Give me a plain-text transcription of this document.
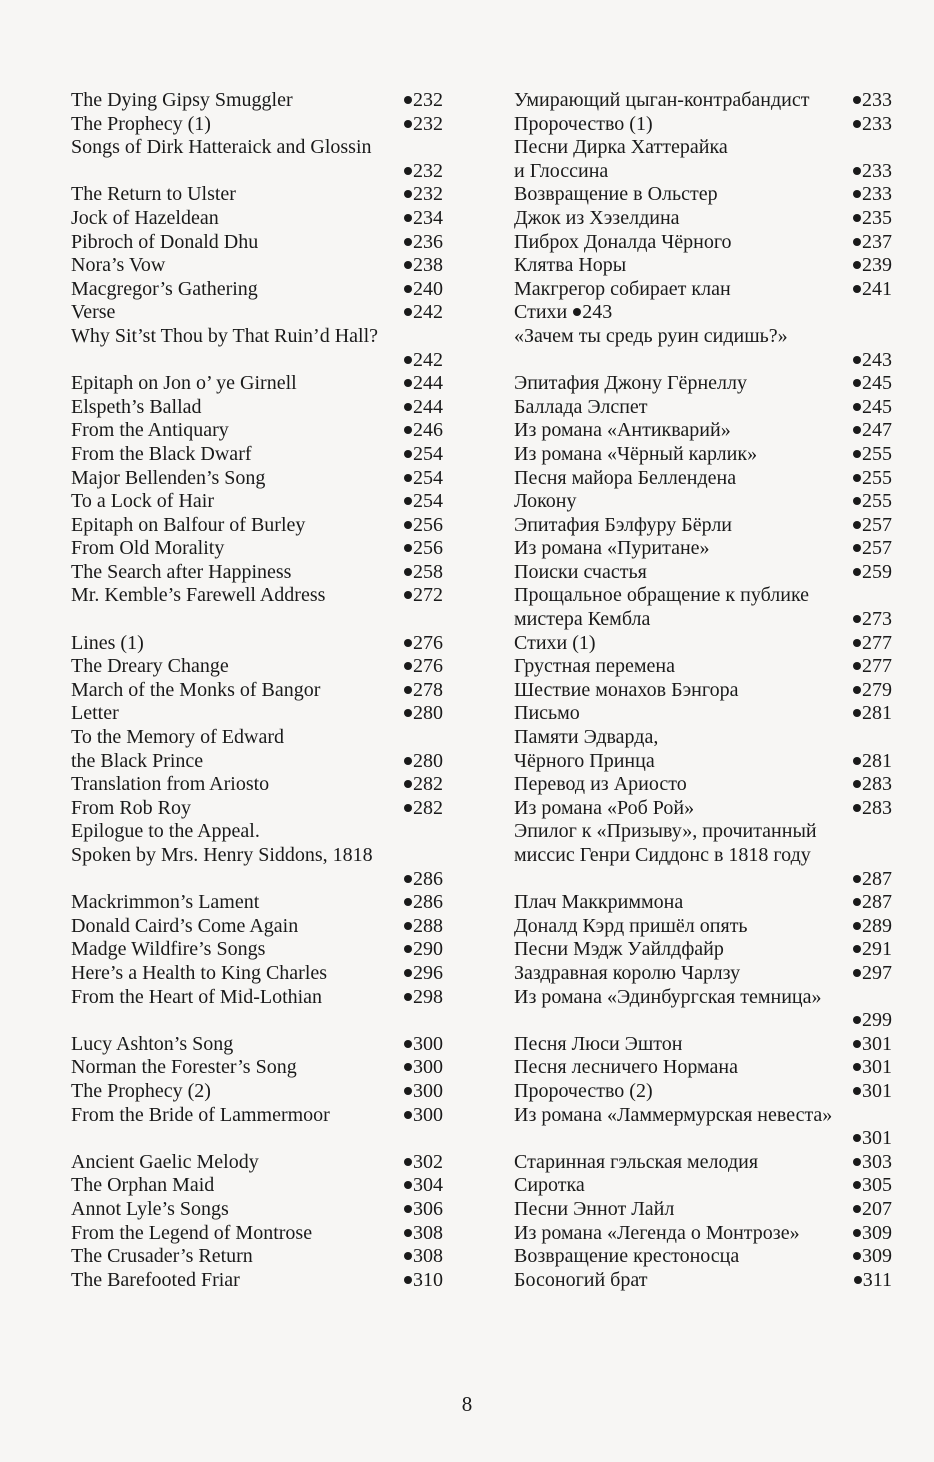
The Dying Gipsy Smuggler	232
The Prophecy (1)	232
Songs of Dirk Hatteraick and Glossin
232
The Return to Ulster	232
Jock of Hazeldean	234
Pibroch of Donald Dhu	236
Nora’s Vow	238
Macgregor’s Gathering	240
Verse	242
Why Sit’st Thou by That Ruin’d Hall?
242
Epitaph on Jon o’ ye Girnell	244
Elspeth’s Ballad	244
From the Antiquary	246
From the Black Dwarf	254
Major Bellenden’s Song	254
To a Lock of Hair	254
Epitaph on Balfour of Burley	256
From Old Morality	256
The Search after Happiness	258
Mr. Kemble’s Farewell Address	272
Lines (1)	276
The Dreary Change	276
March of the Monks of Bangor	278
Letter	280
To the Memory of Edward
the Black Prince	280
Translation from Ariosto	282
From Rob Roy	282
Epilogue to the Appeal.
Spoken by Mrs. Henry Siddons, 1818
286
Mackrimmon’s Lament	286
Donald Caird’s Come Again	288
Madge Wildfire’s Songs	290
Here’s a Health to King Charles	296
From the Heart of Mid-Lothian	298
Lucy Ashton’s Song	300
Norman the Forester’s Song	300
The Prophecy (2)	300
From the Bride of Lammermoor	300
Ancient Gaelic Melody	302
The Orphan Maid	304
Annot Lyle’s Songs	306
From the Legend of Montrose	308
The Crusader’s Return	308
The Barefooted Friar	310
Умирающий цыган-контрабандист	233
Пророчество (1)	233
Песни Дирка Хаттерайка
и Глоссина	233
Возвращение в Ольстер	233
Джок из Хэзелдина	235
Пиброх Доналда Чёрного	237
Клятва Норы	239
Макгрегор собирает клан	241
Стихи 243
«Зачем ты средь руин сидишь?»
243
Эпитафия Джону Гёрнеллу	245
Баллада Элспет	245
Из романа «Антикварий»	247
Из романа «Чёрный карлик»	255
Песня майора Беллендена	255
Локону	255
Эпитафия Бэлфуру Бёрли	257
Из романа «Пуритане»	257
Поиски счастья	259
Прощальное обращение к публике
мистера Кембла	273
Стихи (1)	277
Грустная перемена	277
Шествие монахов Бэнгора	279
Письмо	281
Памяти Эдварда,
Чёрного Принца	281
Перевод из Ариосто	283
Из романа «Роб Рой»	283
Эпилог к «Призыву», прочитанный
миссис Генри Сиддонс в 1818 году
287
Плач Маккриммона	287
Доналд Кэрд пришёл опять	289
Песни Мэдж Уайлдфайр	291
Заздравная королю Чарлзу	297
Из романа «Эдинбургская темница»
299
Песня Люси Эштон	301
Песня лесничего Нормана	301
Пророчество (2)	301
Из романа «Ламмермурская невеста»
301
Старинная гэльская мелодия	303
Сиротка	305
Песни Эннот Лайл	207
Из романа «Легенда о Монтрозе»	309
Возвращение крестоносца	309
Босоногий брат	311
8
